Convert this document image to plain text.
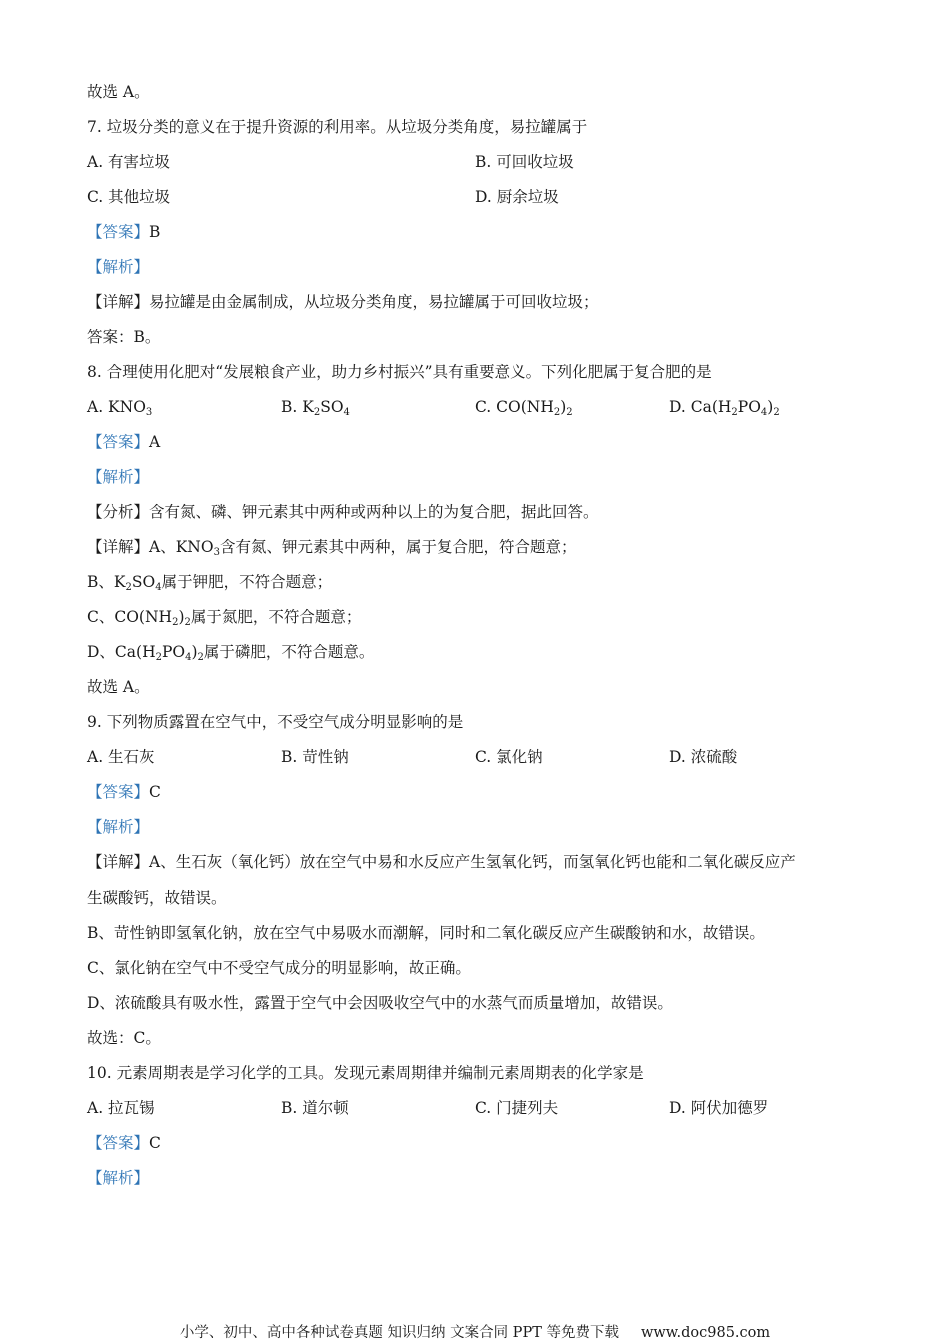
故选 A。
7. 垃圾分类的意义在于提升资源的利用率。从垃圾分类角度，易拉罐属于
A. 有害垃圾	B. 可回收垃圾
C. 其他垃圾	D. 厨余垃圾
【答案】B
【解析】
【详解】易拉罐是由金属制成，从垃圾分类角度，易拉罐属于可回收垃圾；
答案：B。
8. 合理使用化肥对“发展粮食产业，助力乡村振兴”具有重要意义。下列化肥属于复合肥的是
A. $KNO_3$	B. $K_2SO_4$	C. $CO(NH_2)_2$	D. $Ca(H_2PO_4)_2$
【答案】A
【解析】
【分析】含有氮、磷、钾元素其中两种或两种以上的为复合肥，据此回答。
【详解】A、$KNO_3$含有氮、钾元素其中两种，属于复合肥，符合题意；
B、$K_2SO_4$属于钾肥，不符合题意；
C、$CO(NH_2)_2$属于氮肥，不符合题意；
D、$Ca(H_2PO_4)_2$属于磷肥，不符合题意。
故选 A。
9. 下列物质露置在空气中，不受空气成分明显影响的是
A. 生石灰	B. 苛性钠	C. 氯化钠	D. 浓硫酸
【答案】C
【解析】
【详解】A、生石灰（氧化钙）放在空气中易和水反应产生氢氧化钙，而氢氧化钙也能和二氧化碳反应产
生碳酸钙，故错误。
B、苛性钠即氢氧化钠，放在空气中易吸水而潮解，同时和二氧化碳反应产生碳酸钠和水，故错误。
C、氯化钠在空气中不受空气成分的明显影响，故正确。
D、浓硫酸具有吸水性，露置于空气中会因吸收空气中的水蒸气而质量增加，故错误。
故选：C。
10. 元素周期表是学习化学的工具。发现元素周期律并编制元素周期表的化学家是
A. 拉瓦锡	B. 道尔顿	C. 门捷列夫	D. 阿伏加德罗
【答案】C
【解析】
小学、初中、高中各种试卷真题 知识归纳 文案合同 PPT 等免费下载 www.doc985.com
